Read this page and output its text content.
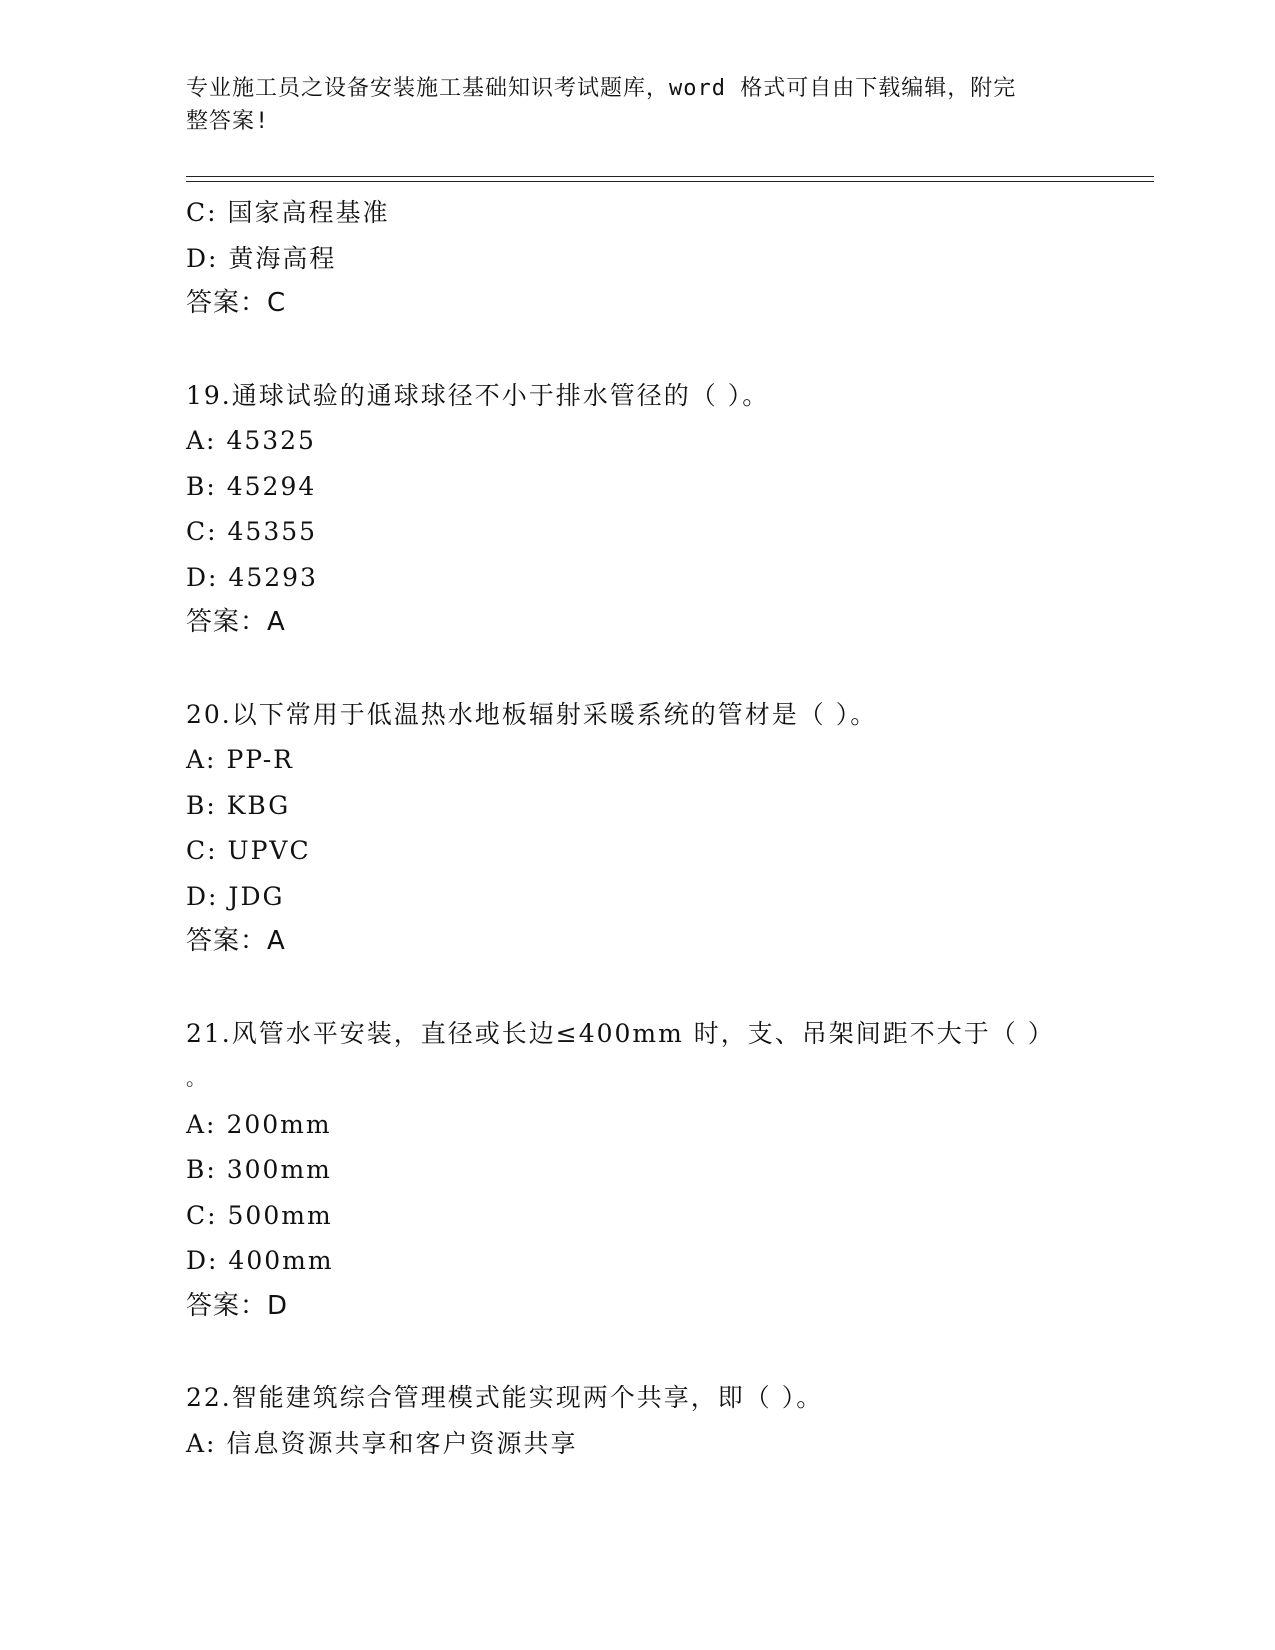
专业施工员之设备安装施工基础知识考试题库，word 格式可自由下载编辑，附完
整答案!
C: 国家高程基准
D: 黄海高程
答案：C
19.通球试验的通球球径不小于排水管径的（ ）。
A: 45325
B: 45294
C: 45355
D: 45293
答案：A
20.以下常用于低温热水地板辐射采暖系统的管材是（ ）。
A: PP-R
B: KBG
C: UPVC
D: JDG
答案：A
21.风管水平安装，直径或长边≤400mm 时，支、吊架间距不大于（ ）
。
A: 200mm
B: 300mm
C: 500mm
D: 400mm
答案：D
22.智能建筑综合管理模式能实现两个共享，即（ ）。
A: 信息资源共享和客户资源共享
